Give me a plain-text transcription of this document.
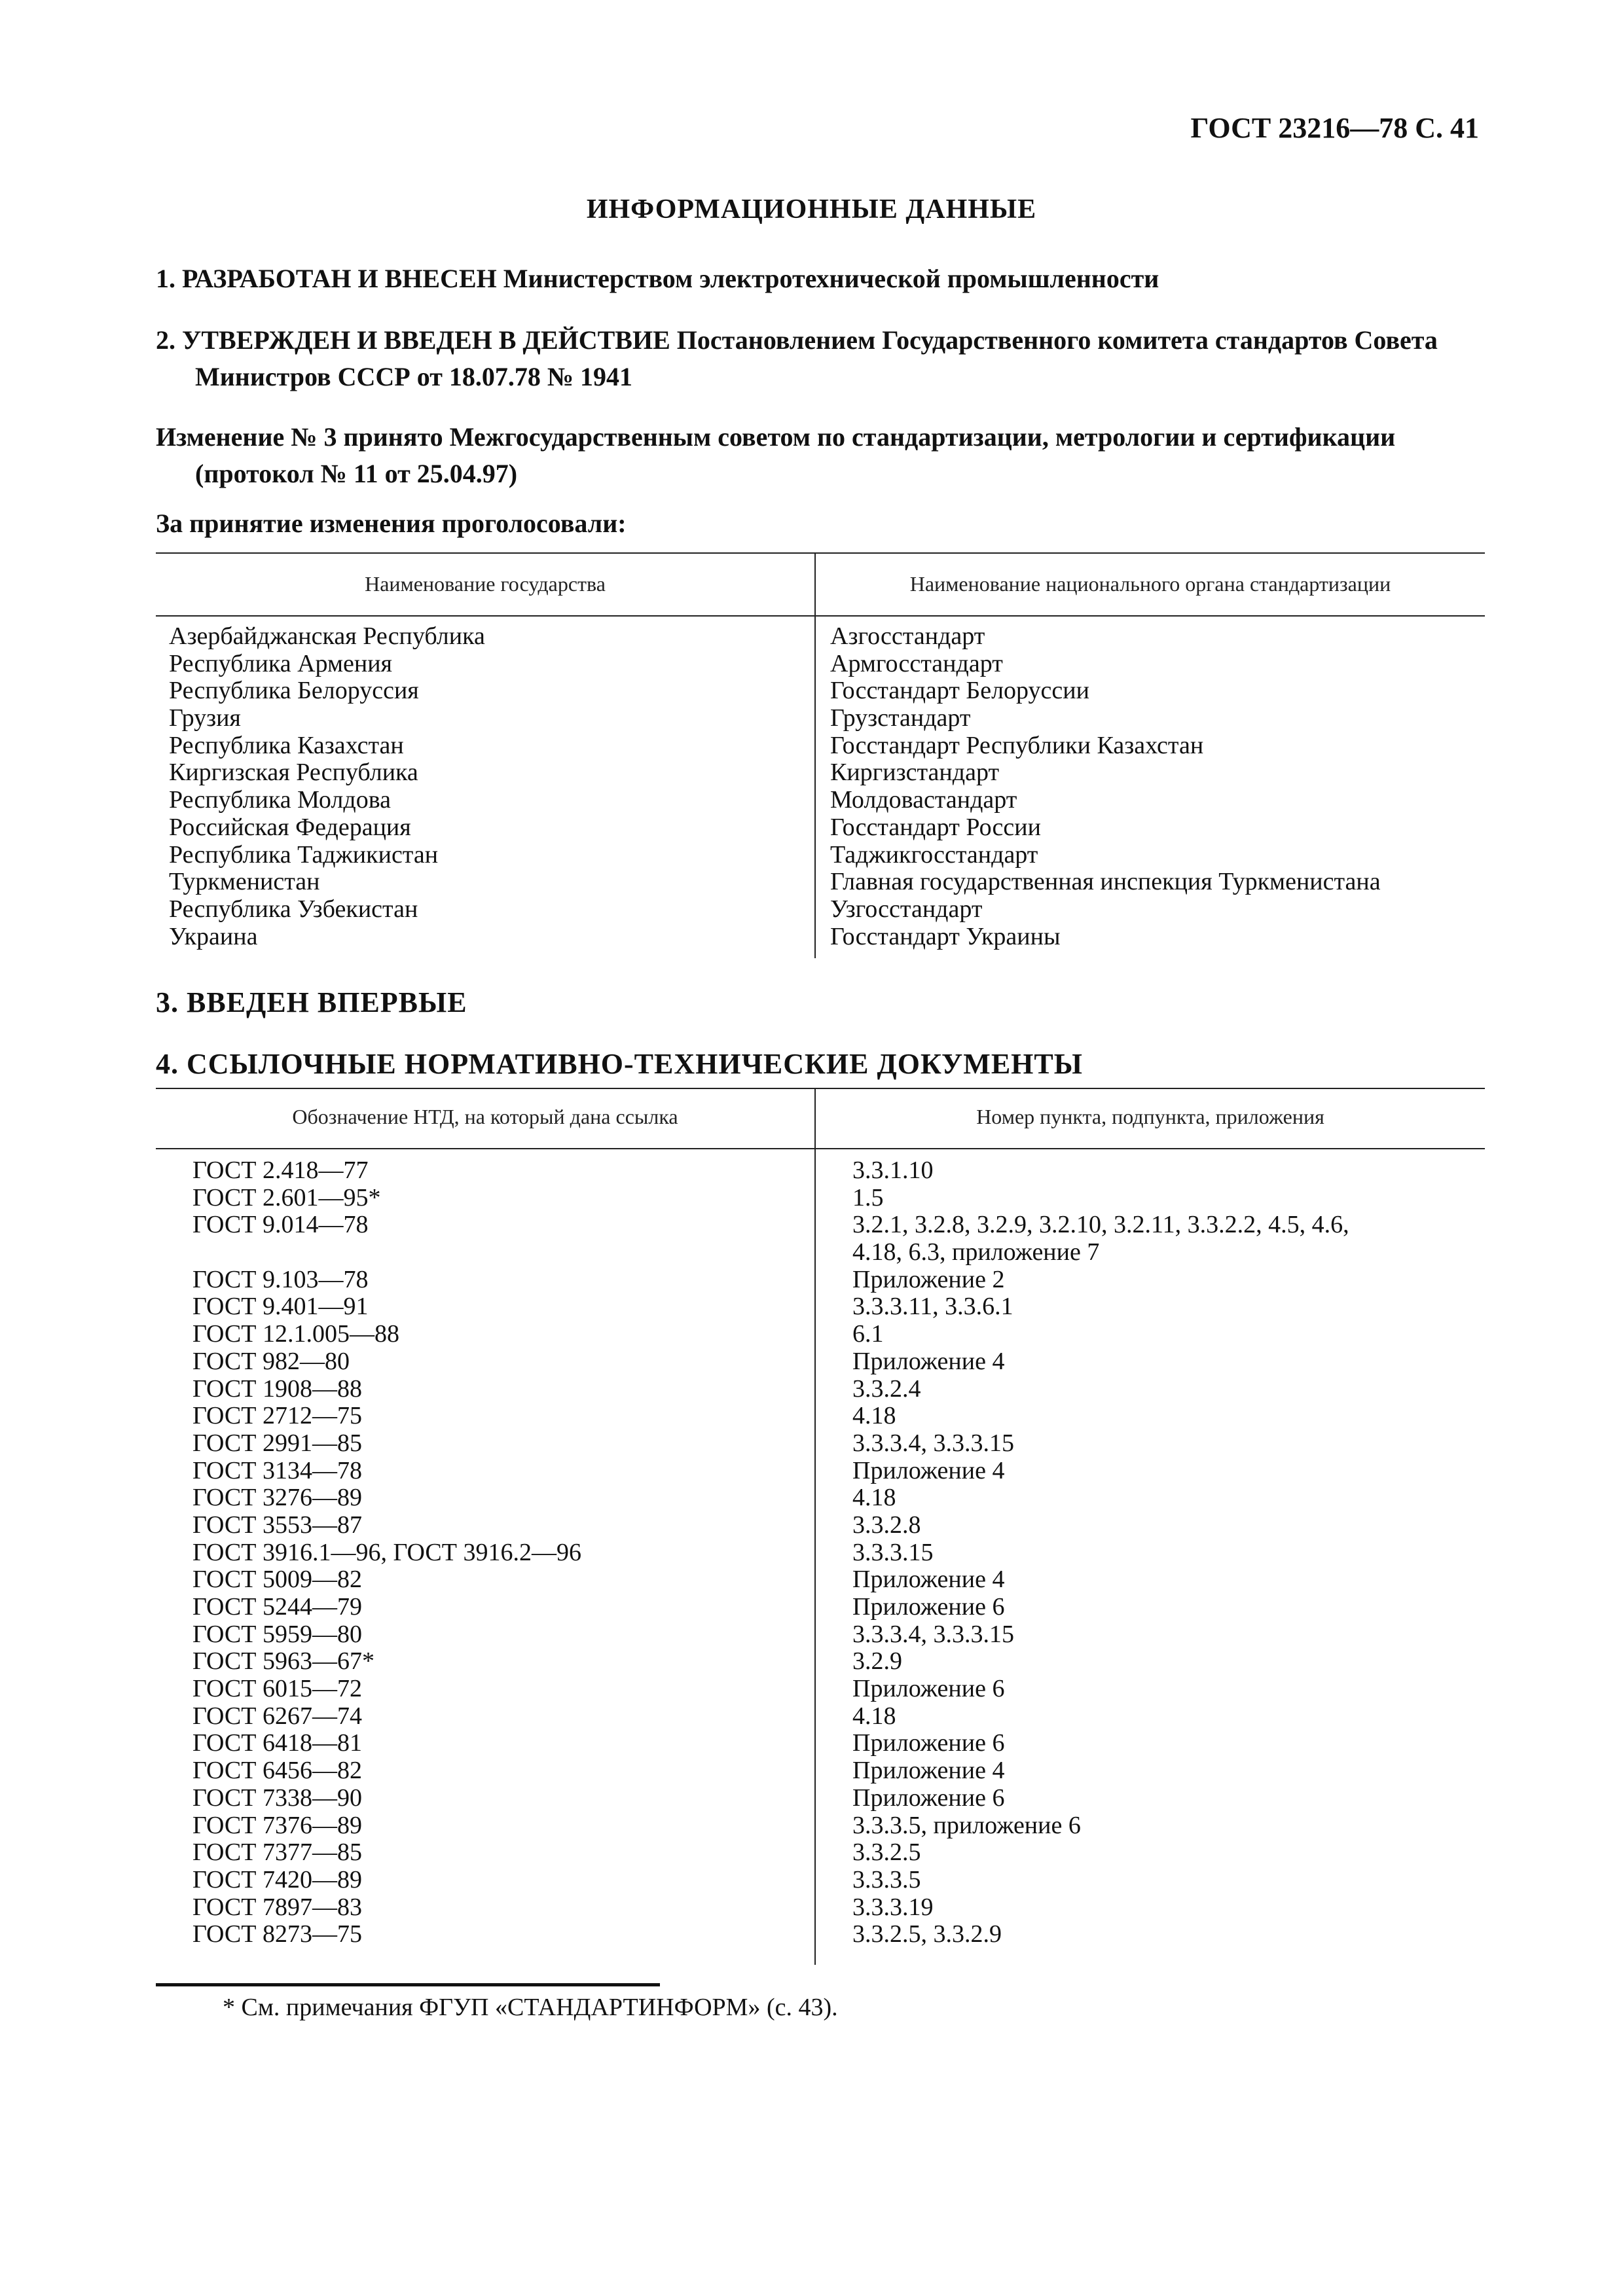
ГОСТ 23216—78 С. 41
ИНФОРМАЦИОННЫЕ ДАННЫЕ
1. РАЗРАБОТАН И ВНЕСЕН Министерством электротехнической промышленности
2. УТВЕРЖДЕН И ВВЕДЕН В ДЕЙСТВИЕ Постановлением Государственного комитета стандартов Совета Министров СССР от 18.07.78 № 1941
Изменение № 3 принято Межгосударственным советом по стандартизации, метрологии и сертификации (протокол № 11 от 25.04.97)
За принятие изменения проголосовали:
Наименование государства	Наименование национального органа стандартизации
Азербайджанская Республика
Республика Армения
Республика Белоруссия
Грузия
Республика Казахстан
Киргизская Республика
Республика Молдова
Российская Федерация
Республика Таджикистан
Туркменистан
Республика Узбекистан
Украина
Азгосстандарт
Армгосстандарт
Госстандарт Белоруссии
Грузстандарт
Госстандарт Республики Казахстан
Киргизстандарт
Молдовастандарт
Госстандарт России
Таджикгосстандарт
Главная государственная инспекция Туркменистана
Узгосстандарт
Госстандарт Украины
3. ВВЕДЕН ВПЕРВЫЕ
4. ССЫЛОЧНЫЕ НОРМАТИВНО-ТЕХНИЧЕСКИЕ ДОКУМЕНТЫ
Обозначение НТД, на который дана ссылка	Номер пункта, подпункта, приложения
ГОСТ 2.418—77
ГОСТ 2.601—95*
ГОСТ 9.014—78
ГОСТ 9.103—78
ГОСТ 9.401—91
ГОСТ 12.1.005—88
ГОСТ 982—80
ГОСТ 1908—88
ГОСТ 2712—75
ГОСТ 2991—85
ГОСТ 3134—78
ГОСТ 3276—89
ГОСТ 3553—87
ГОСТ 3916.1—96, ГОСТ 3916.2—96
ГОСТ 5009—82
ГОСТ 5244—79
ГОСТ 5959—80
ГОСТ 5963—67*
ГОСТ 6015—72
ГОСТ 6267—74
ГОСТ 6418—81
ГОСТ 6456—82
ГОСТ 7338—90
ГОСТ 7376—89
ГОСТ 7377—85
ГОСТ 7420—89
ГОСТ 7897—83
ГОСТ 8273—75
3.3.1.10
1.5
3.2.1, 3.2.8, 3.2.9, 3.2.10, 3.2.11, 3.3.2.2, 4.5, 4.6,
4.18, 6.3, приложение 7
Приложение 2
3.3.3.11, 3.3.6.1
6.1
Приложение 4
3.3.2.4
4.18
3.3.3.4, 3.3.3.15
Приложение 4
4.18
3.3.2.8
3.3.3.15
Приложение 4
Приложение 6
3.3.3.4, 3.3.3.15
3.2.9
Приложение 6
4.18
Приложение 6
Приложение 4
Приложение 6
3.3.3.5, приложение 6
3.3.2.5
3.3.3.5
3.3.3.19
3.3.2.5, 3.3.2.9
* См. примечания ФГУП «СТАНДАРТИНФОРМ» (с. 43).
